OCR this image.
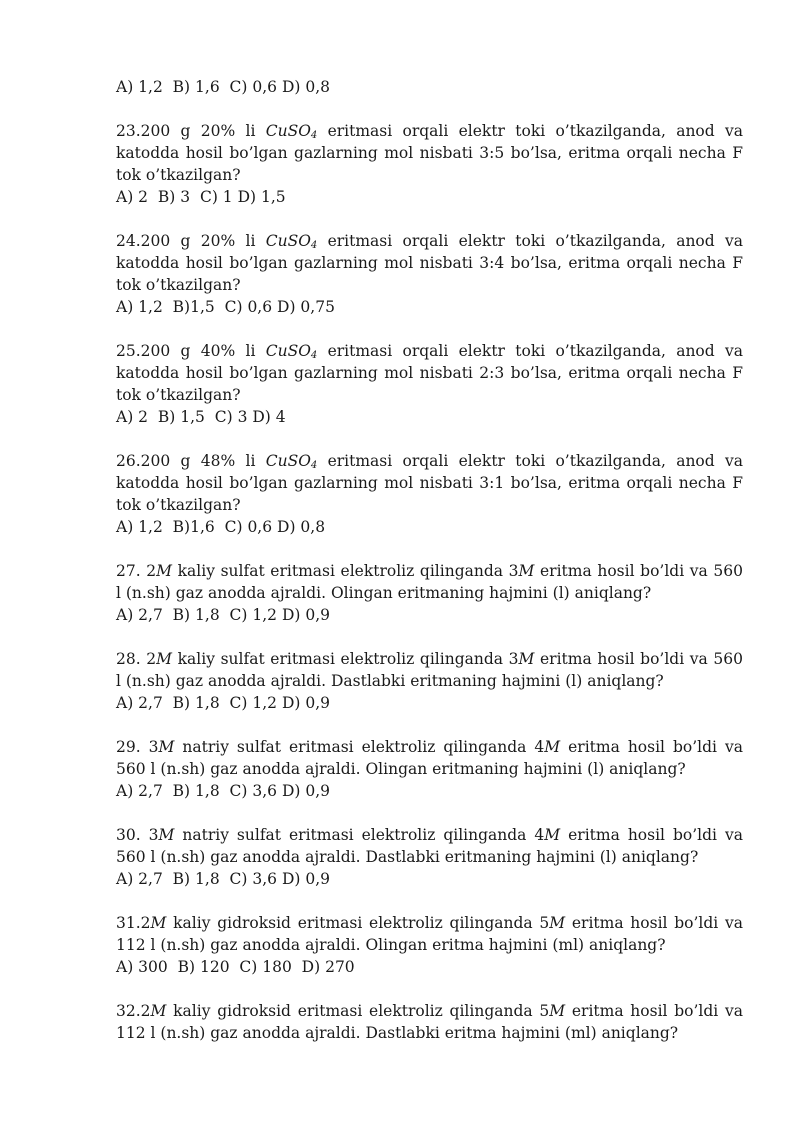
A) 1,2  B) 1,6  C) 0,6 D) 0,8
23.200 g 20% li CuSO$_4$ eritmasi orqali elektr toki o’tkazilganda, anod va katodda hosil bo’lgan gazlarning mol nisbati 3:5 bo’lsa, eritma orqali necha F tok o’tkazilgan?
A) 2  B) 3  C) 1 D) 1,5
24.200 g 20% li CuSO$_4$ eritmasi orqali elektr toki o’tkazilganda, anod va katodda hosil bo’lgan gazlarning mol nisbati 3:4 bo’lsa, eritma orqali necha F tok o’tkazilgan?
A) 1,2  B)1,5  C) 0,6 D) 0,75
25.200 g 40% li CuSO$_4$ eritmasi orqali elektr toki o’tkazilganda, anod va katodda hosil bo’lgan gazlarning mol nisbati 2:3 bo’lsa, eritma orqali necha F tok o’tkazilgan?
A) 2  B) 1,5  C) 3 D) 4
26.200 g 48% li CuSO$_4$ eritmasi orqali elektr toki o’tkazilganda, anod va katodda hosil bo’lgan gazlarning mol nisbati 3:1 bo’lsa, eritma orqali necha F tok o’tkazilgan?
A) 1,2  B)1,6  C) 0,6 D) 0,8
27. 2M kaliy sulfat eritmasi elektroliz qilinganda 3M eritma hosil bo’ldi va 560 l (n.sh) gaz anodda ajraldi. Olingan eritmaning hajmini (l) aniqlang?
A) 2,7  B) 1,8  C) 1,2 D) 0,9
28. 2M kaliy sulfat eritmasi elektroliz qilinganda 3M eritma hosil bo’ldi va 560 l (n.sh) gaz anodda ajraldi. Dastlabki eritmaning hajmini (l) aniqlang?
A) 2,7  B) 1,8  C) 1,2 D) 0,9
29. 3M natriy sulfat eritmasi elektroliz qilinganda 4M eritma hosil bo’ldi va 560 l (n.sh) gaz anodda ajraldi. Olingan eritmaning hajmini (l) aniqlang?
A) 2,7  B) 1,8  C) 3,6 D) 0,9
30. 3M natriy sulfat eritmasi elektroliz qilinganda 4M eritma hosil bo’ldi va 560 l (n.sh) gaz anodda ajraldi. Dastlabki eritmaning hajmini (l) aniqlang?
A) 2,7  B) 1,8  C) 3,6 D) 0,9
31.2M kaliy gidroksid eritmasi elektroliz qilinganda 5M eritma hosil bo’ldi va 112 l (n.sh) gaz anodda ajraldi. Olingan eritma hajmini (ml) aniqlang?
A) 300  B) 120  C) 180  D) 270
32.2M kaliy gidroksid eritmasi elektroliz qilinganda 5M eritma hosil bo’ldi va 112 l (n.sh) gaz anodda ajraldi. Dastlabki eritma hajmini (ml) aniqlang?
